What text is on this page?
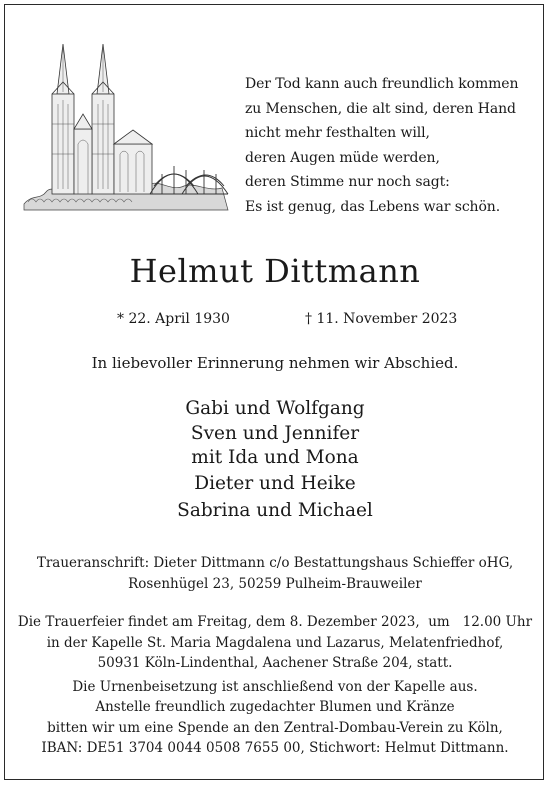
Der Tod kann auch freundlich kommen
zu Menschen, die alt sind, deren Hand
nicht mehr festhalten will,
deren Augen müde werden,
deren Stimme nur noch sagt:
Es ist genug, das Lebens war schön.
Helmut Dittmann
* 22. April 1930	† 11. November 2023
In liebevoller Erinnerung nehmen wir Abschied.
Gabi und Wolfgang
Sven und Jennifer
mit Ida und Mona
Dieter und Heike
Sabrina und Michael
Traueranschrift: Dieter Dittmann c/o Bestattungshaus Schieffer oHG,
Rosenhügel 23, 50259 Pulheim-Brauweiler
Die Trauerfeier findet am Freitag, dem 8. Dezember 2023,  um   12.00 Uhr
in der Kapelle St. Maria Magdalena und Lazarus, Melatenfriedhof,
50931 Köln-Lindenthal, Aachener Straße 204, statt.
Die Urnenbeisetzung ist anschließend von der Kapelle aus.
Anstelle freundlich zugedachter Blumen und Kränze
bitten wir um eine Spende an den Zentral-Dombau-Verein zu Köln,
IBAN: DE51 3704 0044 0508 7655 00, Stichwort: Helmut Dittmann.
